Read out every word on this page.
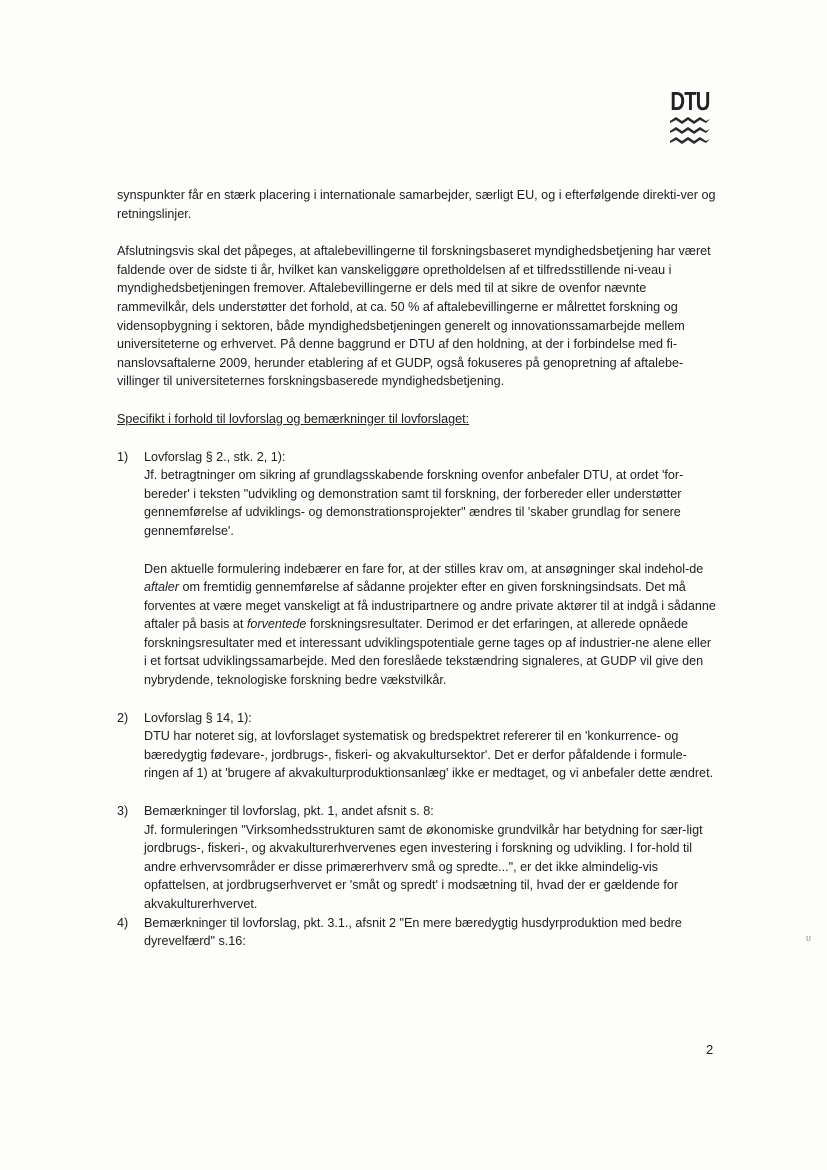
DTU

synspunkter får en stærk placering i internationale samarbejder, særligt EU, og i efterfølgende direkti-ver og retningslinjer.

Afslutningsvis skal det påpeges, at aftalebevillingerne til forskningsbaseret myndighedsbetjening har været faldende over de sidste ti år, hvilket kan vanskeliggøre opretholdelsen af et tilfredsstillende ni-veau i myndighedsbetjeningen fremover. Aftalebevillingerne er dels med til at sikre de ovenfor nævnte rammevilkår, dels understøtter det forhold, at ca. 50 % af aftalebevillingerne er målrettet forskning og vidensopbygning i sektoren, både myndighedsbetjeningen generelt og innovationssamarbejde mellem universiteterne og erhvervet. På denne baggrund er DTU af den holdning, at der i forbindelse med fi-nanslovsaftalerne 2009, herunder etablering af et GUDP, også fokuseres på genopretning af aftalebe-villinger til universiteternes forskningsbaserede myndighedsbetjening.

Specifikt i forhold til lovforslag og bemærkninger til lovforslaget:

1) Lovforslag § 2., stk. 2, 1):

Jf. betragtninger om sikring af grundlagsskabende forskning ovenfor anbefaler DTU, at ordet 'for-bereder' i teksten "udvikling og demonstration samt til forskning, der forbereder eller understøtter gennemførelse af udviklings- og demonstrationsprojekter" ændres til 'skaber grundlag for senere gennemførelse'.

Den aktuelle formulering indebærer en fare for, at der stilles krav om, at ansøgninger skal indehol-de aftaler om fremtidig gennemførelse af sådanne projekter efter en given forskningsindsats. Det må forventes at være meget vanskeligt at få industripartnere og andre private aktører til at indgå i sådanne aftaler på basis at forventede forskningsresultater. Derimod er det erfaringen, at allerede opnåede forskningsresultater med et interessant udviklingspotentiale gerne tages op af industrier-ne alene eller i et fortsat udviklingssamarbejde. Med den foreslåede tekstændring signaleres, at GUDP vil give den nybrydende, teknologiske forskning bedre vækstvilkår.

2) Lovforslag § 14, 1):

DTU har noteret sig, at lovforslaget systematisk og bredspektret refererer til en 'konkurrence- og bæredygtig fødevare-, jordbrugs-, fiskeri- og akvakultursektor'. Det er derfor påfaldende i formule-ringen af 1) at 'brugere af akvakulturproduktionsanlæg' ikke er medtaget, og vi anbefaler dette ændret.

3) Bemærkninger til lovforslag, pkt. 1, andet afsnit s. 8:

Jf. formuleringen "Virksomhedsstrukturen samt de økonomiske grundvilkår har betydning for sær-ligt jordbrugs-, fiskeri-, og akvakulturerhvervenes egen investering i forskning og udvikling. I for-hold til andre erhvervsområder er disse primærerhverv små og spredte...", er det ikke almindelig-vis opfattelsen, at jordbrugserhvervet er 'småt og spredt' i modsætning til, hvad der er gældende for akvakulturerhvervet.

4) Bemærkninger til lovforslag, pkt. 3.1., afsnit 2 "En mere bæredygtig husdyrproduktion med bedre dyrevelfærd" s.16:	ប
2
